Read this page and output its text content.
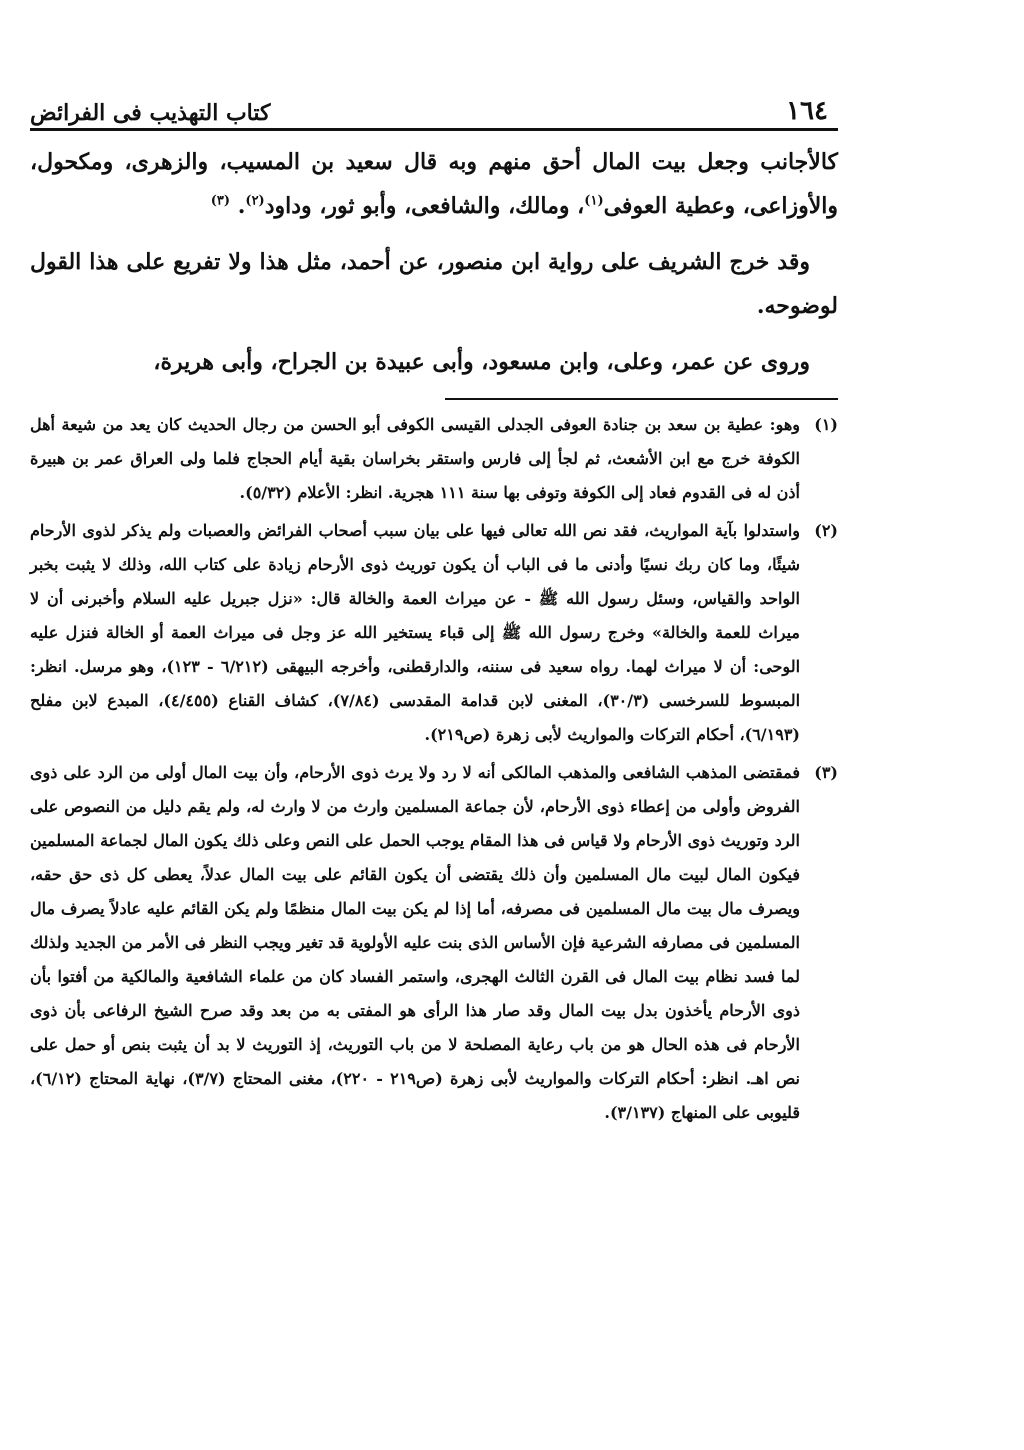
كتاب التهذيب فى الفرائض	١٦٤

كالأجانب وجعل بيت المال أحق منهم وبه قال سعيد بن المسيب، والزهرى، ومكحول، والأوزاعى، وعطية العوفى$^{(١)}$، ومالك، والشافعى، وأبو ثور، وداود$^{(٢)}$. $^{(٣)}$

وقد خرج الشريف على رواية ابن منصور، عن أحمد، مثل هذا ولا تفريع على هذا القول لوضوحه.

وروى عن عمر، وعلى، وابن مسعود، وأبى عبيدة بن الجراح، وأبى هريرة،

(١)
وهو: عطية بن سعد بن جنادة العوفى الجدلى القيسى الكوفى أبو الحسن من رجال الحديث كان يعد من شيعة أهل الكوفة خرج مع ابن الأشعث، ثم لجأ إلى فارس واستقر بخراسان بقية أيام الحجاج فلما ولى العراق عمر بن هبيرة أذن له فى القدوم فعاد إلى الكوفة وتوفى بها سنة ١١١ هجرية. انظر: الأعلام (٥/٣٢).
(٢)
واستدلوا بآية المواريث، فقد نص الله تعالى فيها على بيان سبب أصحاب الفرائض والعصبات ولم يذكر لذوى الأرحام شيئًا، وما كان ربك نسيًا وأدنى ما فى الباب أن يكون توريث ذوى الأرحام زيادة على كتاب الله، وذلك لا يثبت بخبر الواحد والقياس، وسئل رسول الله ﷺ - عن ميراث العمة والخالة قال: «نزل جبريل عليه السلام وأخبرنى أن لا ميراث للعمة والخالة» وخرج رسول الله ﷺ إلى قباء يستخير الله عز وجل فى ميراث العمة أو الخالة فنزل عليه الوحى: أن لا ميراث لهما. رواه سعيد فى سننه، والدارقطنى، وأخرجه البيهقى (٦/٢١٢ - ١٢٣)، وهو مرسل. انظر: المبسوط للسرخسى (٣٠/٣)، المغنى لابن قدامة المقدسى (٧/٨٤)، كشاف القناع (٤/٤٥٥)، المبدع لابن مفلح (٦/١٩٣)، أحكام التركات والمواريث لأبى زهرة (ص٢١٩).
(٣)
فمقتضى المذهب الشافعى والمذهب المالكى أنه لا رد ولا يرث ذوى الأرحام، وأن بيت المال أولى من الرد على ذوى الفروض وأولى من إعطاء ذوى الأرحام، لأن جماعة المسلمين وارث من لا وارث له، ولم يقم دليل من النصوص على الرد وتوريث ذوى الأرحام ولا قياس فى هذا المقام يوجب الحمل على النص وعلى ذلك يكون المال لجماعة المسلمين فيكون المال لبيت مال المسلمين وأن ذلك يقتضى أن يكون القائم على بيت المال عدلاً، يعطى كل ذى حق حقه، ويصرف مال بيت مال المسلمين فى مصرفه، أما إذا لم يكن بيت المال منظمًا ولم يكن القائم عليه عادلاً يصرف مال المسلمين فى مصارفه الشرعية فإن الأساس الذى بنت عليه الأولوية قد تغير ويجب النظر فى الأمر من الجديد ولذلك لما فسد نظام بيت المال فى القرن الثالث الهجرى، واستمر الفساد كان من علماء الشافعية والمالكية من أفتوا بأن ذوى الأرحام يأخذون بدل بيت المال وقد صار هذا الرأى هو المفتى به من بعد وقد صرح الشيخ الرفاعى بأن ذوى الأرحام فى هذه الحال هو من باب رعاية المصلحة لا من باب التوريث، إذ التوريث لا بد أن يثبت بنص أو حمل على نص اهـ. انظر: أحكام التركات والمواريث لأبى زهرة (ص٢١٩ - ٢٢٠)، مغنى المحتاج (٣/٧)، نهاية المحتاج (٦/١٢)، قليوبى على المنهاج (٣/١٣٧).
